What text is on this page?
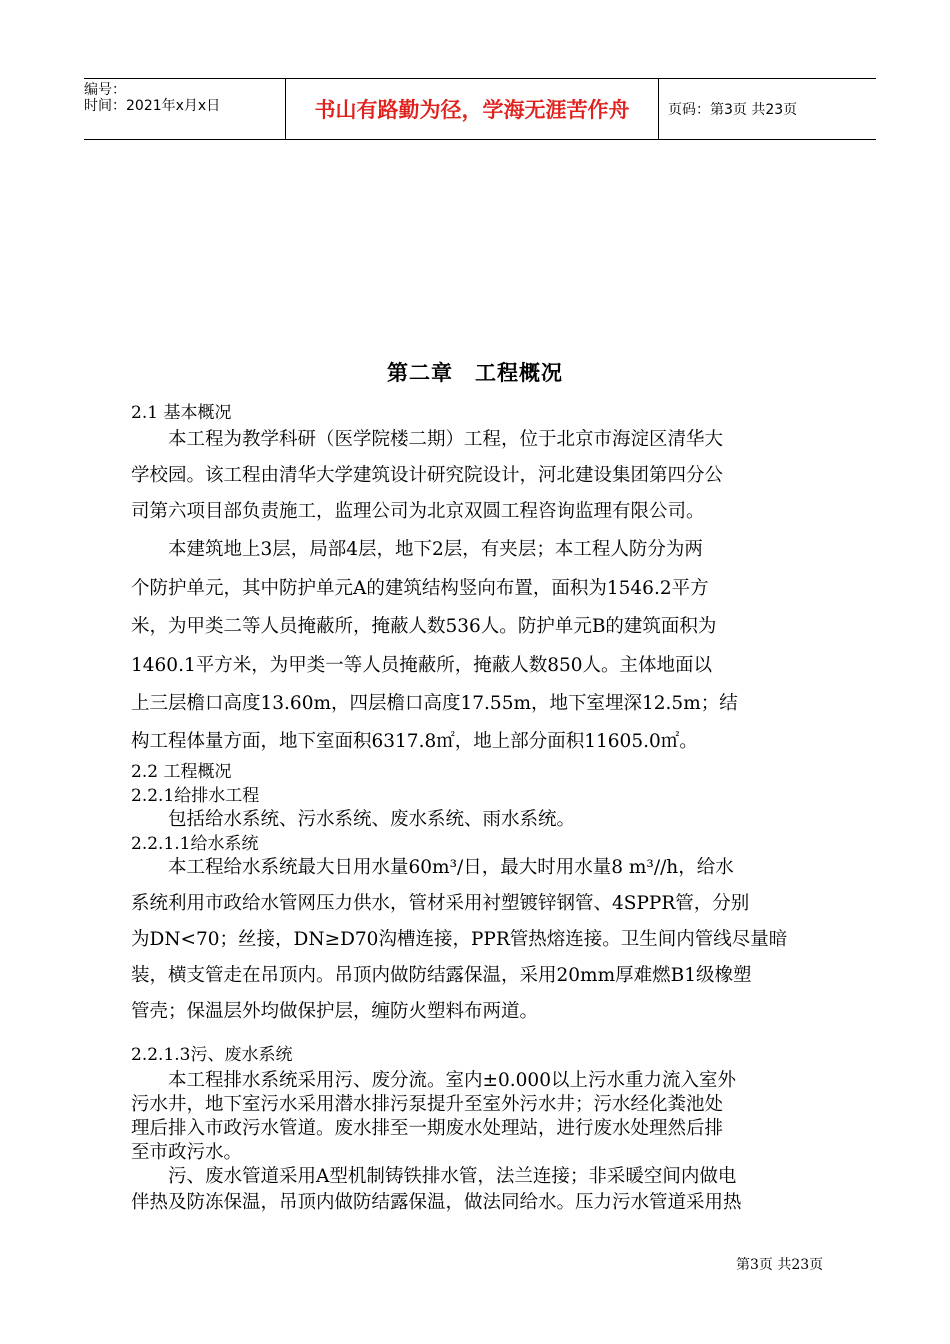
编号：
时间：2021年x月x日	书山有路勤为径，学海无涯苦作舟	页码：第3页 共23页
第二章　工程概况
2.1 基本概况
　　本工程为教学科研（医学院楼二期）工程，位于北京市海淀区清华大
学校园。该工程由清华大学建筑设计研究院设计，河北建设集团第四分公
司第六项目部负责施工，监理公司为北京双圆工程咨询监理有限公司。
　　本建筑地上3层，局部4层，地下2层，有夹层；本工程人防分为两
个防护单元，其中防护单元A的建筑结构竖向布置，面积为1546.2平方
米，为甲类二等人员掩蔽所，掩蔽人数536人。防护单元B的建筑面积为
1460.1平方米，为甲类一等人员掩蔽所，掩蔽人数850人。主体地面以
上三层檐口高度13.60m，四层檐口高度17.55m，地下室埋深12.5m；结
构工程体量方面，地下室面积6317.8㎡，地上部分面积11605.0㎡。
2.2 工程概况
2.2.1给排水工程
　　包括给水系统、污水系统、废水系统、雨水系统。
2.2.1.1给水系统
　　本工程给水系统最大日用水量60m³/日，最大时用水量8 m³//h，给水
系统利用市政给水管网压力供水，管材采用衬塑镀锌钢管、4SPPR管，分别
为DN<70；丝接，DN≥D70沟槽连接，PPR管热熔连接。卫生间内管线尽量暗
装，横支管走在吊顶内。吊顶内做防结露保温，采用20mm厚难燃B1级橡塑
管壳；保温层外均做保护层，缠防火塑料布两道。
2.2.1.3污、废水系统
　　本工程排水系统采用污、废分流。室内±0.000以上污水重力流入室外
污水井，地下室污水采用潜水排污泵提升至室外污水井；污水经化粪池处
理后排入市政污水管道。废水排至一期废水处理站，进行废水处理然后排
至市政污水。
　　污、废水管道采用A型机制铸铁排水管，法兰连接；非采暖空间内做电
伴热及防冻保温，吊顶内做防结露保温，做法同给水。压力污水管道采用热
第3页 共23页
